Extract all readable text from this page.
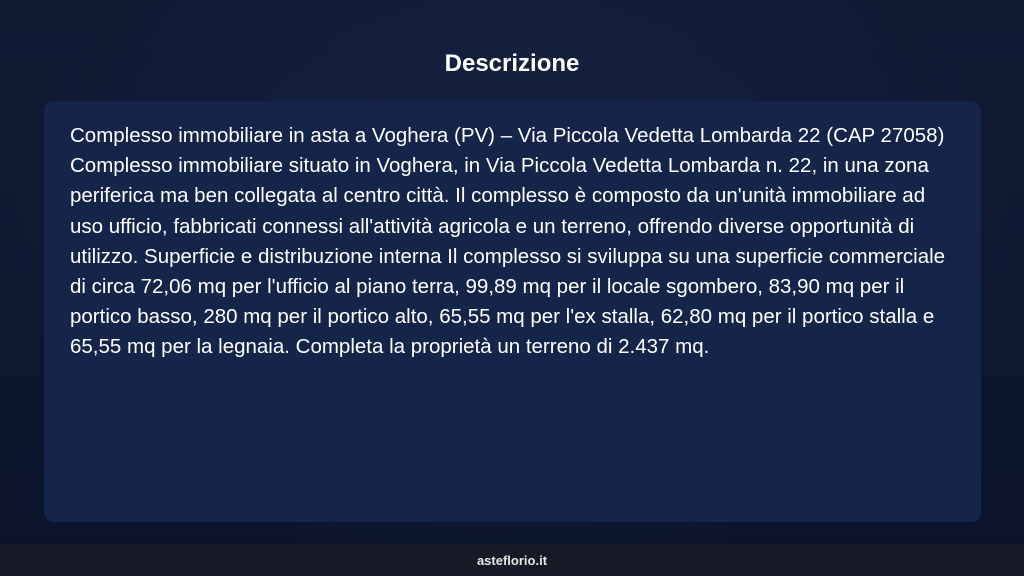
Descrizione

Complesso immobiliare in asta a Voghera (PV) – Via Piccola Vedetta Lombarda 22 (CAP 27058) Complesso immobiliare situato in Voghera, in Via Piccola Vedetta Lombarda n. 22, in una zona periferica ma ben collegata al centro città. Il complesso è composto da un'unità immobiliare ad uso ufficio, fabbricati connessi all'attività agricola e un terreno, offrendo diverse opportunità di utilizzo. Superficie e distribuzione interna Il complesso si sviluppa su una superficie commerciale di circa 72,06 mq per l'ufficio al piano terra, 99,89 mq per il locale sgombero, 83,90 mq per il portico basso, 280 mq per il portico alto, 65,55 mq per l'ex stalla, 62,80 mq per il portico stalla e 65,55 mq per la legnaia. Completa la proprietà un terreno di 2.437 mq.

asteflorio.it
